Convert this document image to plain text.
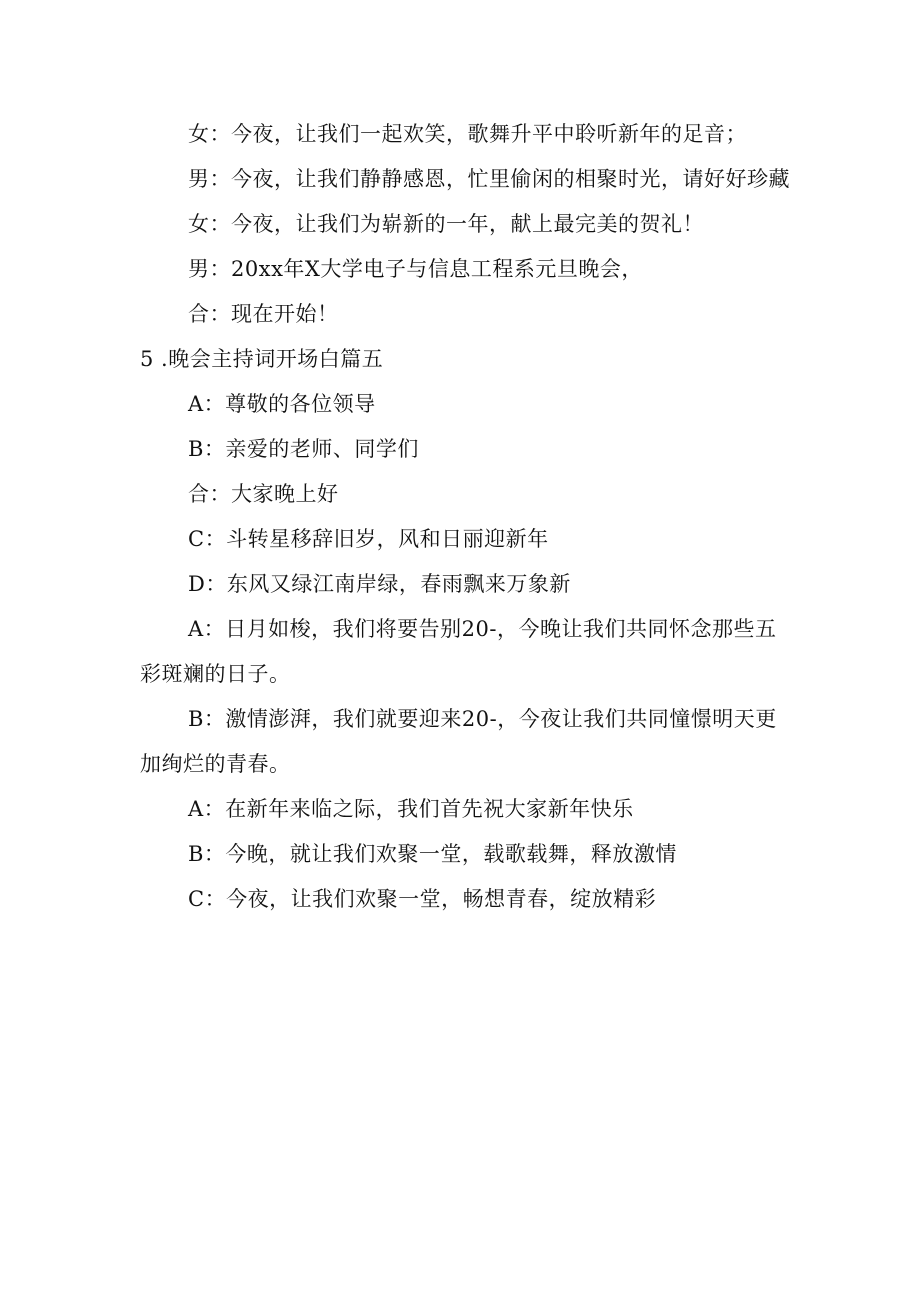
女：今夜，让我们一起欢笑，歌舞升平中聆听新年的足音；

男：今夜，让我们静静感恩，忙里偷闲的相聚时光，请好好珍藏

女：今夜，让我们为崭新的一年，献上最完美的贺礼！

男：20xx年X大学电子与信息工程系元旦晚会，

合：现在开始！

5 .晚会主持词开场白篇五

A：尊敬的各位领导

B：亲爱的老师、同学们

合：大家晚上好

C：斗转星移辞旧岁，风和日丽迎新年

D：东风又绿江南岸绿，春雨飘来万象新

A：日月如梭，我们将要告别20-，今晚让我们共同怀念那些五彩斑斓的日子。

B：激情澎湃，我们就要迎来20-，今夜让我们共同憧憬明天更加绚烂的青春。

A：在新年来临之际，我们首先祝大家新年快乐

B：今晚，就让我们欢聚一堂，载歌载舞，释放激情

C：今夜，让我们欢聚一堂，畅想青春，绽放精彩
